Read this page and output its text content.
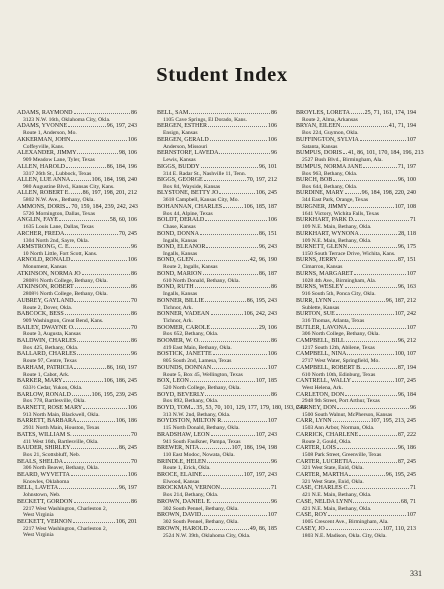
Student Index
ADAMS, RAYMOND	86
3123 N.W. 16th, Oklahoma City, Okla.
ADAMS, YVONNE	96, 197, 243
Route 1, Anderson, Mo.
AKKERMAN, JOHN	106
Coffeyville, Kans.
ALEXANDER, JIMMY	98, 106
909 Meadow Lane, Tyler, Texas
ALLEN, HAROLD	86, 184, 196
3317 26th St., Lubbock, Texas
ALLEN, LUE ANNA	106, 184, 198, 240
980 Augustine Blvd., Kansas City, Kans.
ALLEN, ROBERT E. 86, 197, 198, 201, 212
5802 N.W. Ave., Bethany, Okla.
AMMONS, DORIS 70, 159, 184, 239, 242, 243
5726 Mornington, Dallas, Texas
ANGLIN, FAYE	58, 60, 106
1635 Louis Lane, Dallas, Texas
ARCHER, FREDA	70, 245
1304 North 2nd, Sayre, Okla.
ARMSTRONG, C. E.	96
10 North Little, Fort Scott, Kans.
ARNOLD, RONALD	106
Monument, Kansas
ATKINSON, NORMA JO	86
2808½ North College, Bethany, Okla.
ATKINSON, ROBERT	86
2808½ North College, Bethany, Okla.
AUBREY, GAYLAND	70
Route 2, Dover, Okla.
BABCOCK, BESS	86
909 Washington, Great Bend, Kans.
BAILEY, DWAYNE O.	70
Route 3, Augusta, Kansas
BALDWIN, CHARLES	86
Box 425, Bethany, Okla.
BALLARD, CHARLES	96
Route 97, Centre, Texas
BARHAM, PATRICIA	86, 160, 197
Route 1, Cabot, Ark.
BARKER, MARY	106, 186, 245
633½ Cedar, Yukon, Okla.
BARLOW, RONALD	106, 195, 239, 245
Box 778, Bartlesville, Okla.
BARNETT, ROSE MARY	106
913 North Main, Blackwell, Okla.
BARRETT, BARBARA	106, 186
2931 North Main, Houston, Texas
BATES, WILLIAM S.	70
411 West 16th, Bartlesville, Okla.
BAUDER, SHIRLEY	86, 245
Box 21, Scottsbluff, Neb.
BEALS, SHELDA	70
306 North Beaver, Bethany, Okla.
BEARD, WYVETTA	106
Knowles, Oklahoma
BELL, LAVETA	96, 197
Johnstown, Neb.
BECKETT, GORDON	86
2217 West Washington, Charleston 2,
West Virginia
BECKETT, VERNON	106, 201
2217 West Washington, Charleston 2,
West Virginia
BELL, SAM	86
1105 Cave Springs, El Dorado, Kans.
BERGEN, ESTHER	106
Ensign, Kansas
BERGEN, GERALD	106
Anderson, Missouri
BERNSTORF, LAVEDA	96
Lewis, Kansas
BIGGS, BUDDY	96, 101
314 E. Radar St., Nashville 11, Tenn.
BIGGS, GEORGE	70, 197, 212
Box 84, Wayside, Kansas
BLYSTONE, BETTY JO	106, 245
3618 Campbell, Kansas City, Mo.
BOHANNAN, CHARLES	106, 185, 187
Box 44, Alpine, Texas
BOLDT, DERALD	106
Chase, Kansas
BOND, DONNA	86, 151
Ingalls, Kansas
BOND, ELEANOR	96, 243
Ingalls, Kansas
BOND, GLEN	42, 96, 190
Route 2, Ingalls, Kansas
BOND, MARION	86, 187
610 North Donald, Bethany, Okla.
BOND, RUTH	86
Ingalls, Kansas
BONNER, BILLIE	86, 195, 243
Tichnor, Ark.
BONNER, VADEAN	106, 242, 243
Tichnor, Ark.
BOOMER, CAROLE	29, 106
Box 652, Bethany, Okla.
BOOMER, W. O.	86
419 East Main, Bethany, Okla.
BOSTICK, JANETTE	106
805 South 2nd, Lamesa, Texas
BOUNDS, DONNAN	107
Route 5, Box 45, Wellington, Texas
BOX, LEON	107, 185
520 North College, Bethany, Okla.
BOYD, BEVERLY	86
Box 892, Bethany, Okla.
BOYD, TOM 35, 53, 70, 101, 129, 177, 179, 180, 193, 243
313 N.W. 2nd, Bethany, Okla.
BOYDSTON, MILTON R.	107
115 North Donald, Bethany, Okla.
BRADSHAW, LEON	107, 243
941 South Faulkner, Pampa, Texas
BREWER, NITA	107, 186, 194, 198
110 East Modoc, Nowata, Okla.
BRINDLE, HELEN	96
Route 1, Erick, Okla.
BROCE, ELAINE	107, 197, 243
Elwood, Kansas
BROCKMAN, VERNON	71
Box 214, Bethany, Okla.
BROWN, DANIEL E.	96
302 South Pennel, Bethany, Okla.
BROWN, DAVID	107
302 South Pennel, Bethany, Okla.
BROWN, HAROLD	49, 86, 185
2524 N.W. 39th, Oklahoma City, Okla.
BROYLES, LORETA 25, 71, 161, 174, 194
Route 2, Alma, Arkansas
BRYAN, EILEEN	41, 71, 194
Box 224, Guymon, Okla.
BUFFINGTON, SYLVIA	107
Satanta, Kansas
BUMPUS, DORIS 41, 86, 101, 170, 184, 196, 213
2527 Bush Blvd., Birmingham, Ala.
BUMPUS, NORMA JANE	71, 197
Box 963, Bethany, Okla.
BURCH, BOB	96, 100
Box 644, Bethany, Okla.
BURDINE, MARY	96, 184, 198, 220, 240
344 East Park, Orange, Texas
BURGNER, JIMMY	107, 108
1641 Victory, Wichita Falls, Texas
BURKHART, PARK D.	71
109 N.E. Main, Bethany, Okla.
BURKHART, WYNONA	28, 118
109 N.E. Main, Bethany, Okla.
BURNETT, GLENN	96, 175
1150 South Terrace Drive, Wichita, Kans.
BURNS, JERRY	87, 151
Cimarron, Kansas
BURNS, MARGARET	107
1028 4th Ave., Birmingham, Ala.
BURNS, WESLEY	96, 163
916 South 5th, Ponca City, Okla.
BURR, LYNN	96, 187, 212
Sublette, Kansas
BURTON, SUE	107, 242
316 Thomas, Atlanta, Texas
BUTLER, LAVONA	107
306 North College, Bethany, Okla.
CAMPBELL, BILL	96, 212
1217 South 12th, Abilene, Texas
CAMPBELL, NINA	100, 107
2717 West Water, Springfield, Mo.
CAMPBELL, ROBERT B.	87, 194
610 North 10th, Edinburg, Texas
CANTRELL, WALLY	107, 245
West Helena, Ark.
CARLETON, DON	96, 184
2948 9th Street, Port Arthur, Texas
CARNEY, DON	96
1500 South Walnut, McPherson, Kansas
CARR, LYNN	107, 195, 213, 245
1503 Ann Arbor, Norman, Okla.
CARRICK, CHARLENE	87, 222
Route 2, Gould, Okla.
CARTER, LOIS	96, 186
1508 Park Street, Greenville, Texas
CARTER, LUCRETIA	87, 245
321 West State, Enid, Okla.
CARTER, MARTHA	96, 195, 245
321 West State, Enid, Okla.
CASE, CHARLES C.	71
421 N.E. Main, Bethany, Okla.
CASE, NELDA LYNN	68, 71
421 N.E. Main, Bethany, Okla.
CASE, ROY	107
1005 Crescent Ave., Birmingham, Ala.
CASEY, JO	107, 110, 213
1803 N.E. Madison, Okla. City, Okla.
331
